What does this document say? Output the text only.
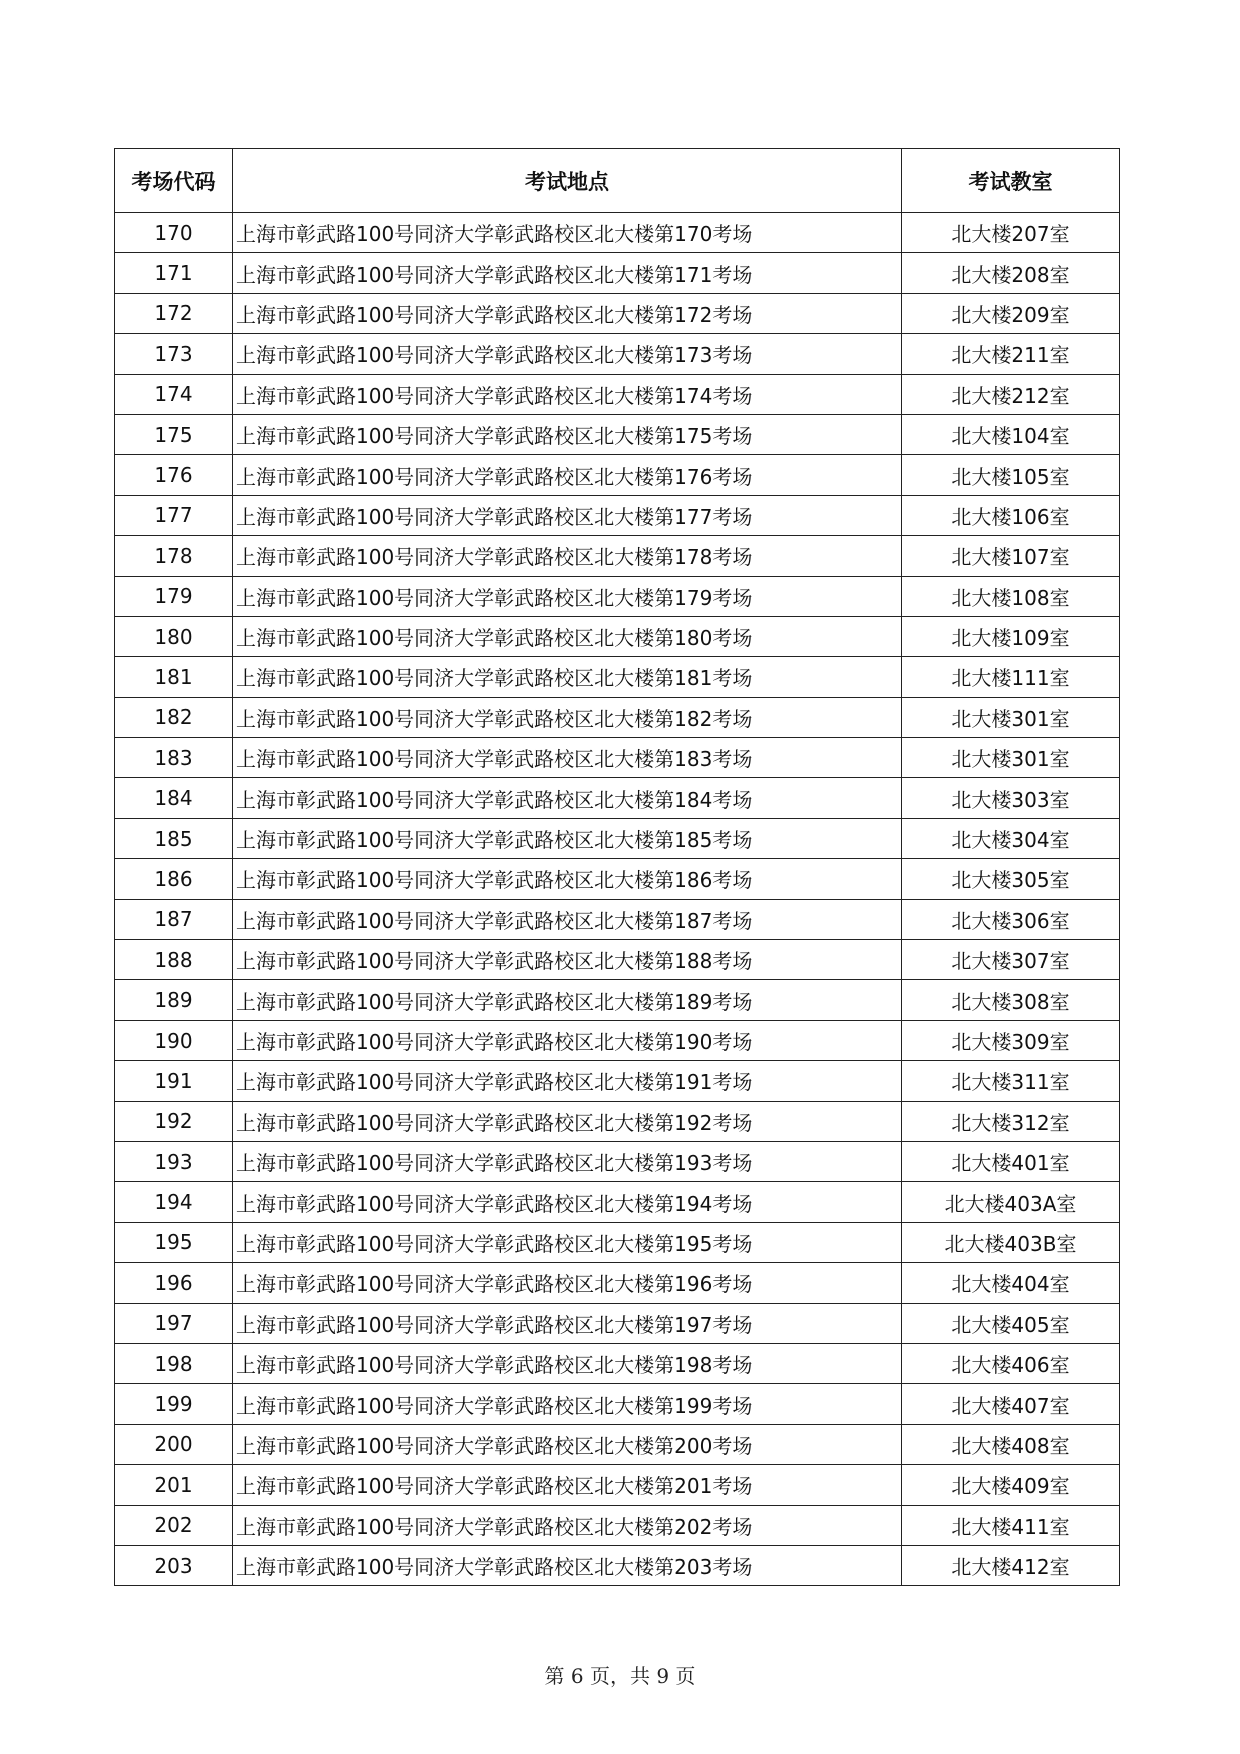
考场代码	考试地点	考试教室
170	上海市彰武路100号同济大学彰武路校区北大楼第170考场	北大楼207室
171	上海市彰武路100号同济大学彰武路校区北大楼第171考场	北大楼208室
172	上海市彰武路100号同济大学彰武路校区北大楼第172考场	北大楼209室
173	上海市彰武路100号同济大学彰武路校区北大楼第173考场	北大楼211室
174	上海市彰武路100号同济大学彰武路校区北大楼第174考场	北大楼212室
175	上海市彰武路100号同济大学彰武路校区北大楼第175考场	北大楼104室
176	上海市彰武路100号同济大学彰武路校区北大楼第176考场	北大楼105室
177	上海市彰武路100号同济大学彰武路校区北大楼第177考场	北大楼106室
178	上海市彰武路100号同济大学彰武路校区北大楼第178考场	北大楼107室
179	上海市彰武路100号同济大学彰武路校区北大楼第179考场	北大楼108室
180	上海市彰武路100号同济大学彰武路校区北大楼第180考场	北大楼109室
181	上海市彰武路100号同济大学彰武路校区北大楼第181考场	北大楼111室
182	上海市彰武路100号同济大学彰武路校区北大楼第182考场	北大楼301室
183	上海市彰武路100号同济大学彰武路校区北大楼第183考场	北大楼301室
184	上海市彰武路100号同济大学彰武路校区北大楼第184考场	北大楼303室
185	上海市彰武路100号同济大学彰武路校区北大楼第185考场	北大楼304室
186	上海市彰武路100号同济大学彰武路校区北大楼第186考场	北大楼305室
187	上海市彰武路100号同济大学彰武路校区北大楼第187考场	北大楼306室
188	上海市彰武路100号同济大学彰武路校区北大楼第188考场	北大楼307室
189	上海市彰武路100号同济大学彰武路校区北大楼第189考场	北大楼308室
190	上海市彰武路100号同济大学彰武路校区北大楼第190考场	北大楼309室
191	上海市彰武路100号同济大学彰武路校区北大楼第191考场	北大楼311室
192	上海市彰武路100号同济大学彰武路校区北大楼第192考场	北大楼312室
193	上海市彰武路100号同济大学彰武路校区北大楼第193考场	北大楼401室
194	上海市彰武路100号同济大学彰武路校区北大楼第194考场	北大楼403A室
195	上海市彰武路100号同济大学彰武路校区北大楼第195考场	北大楼403B室
196	上海市彰武路100号同济大学彰武路校区北大楼第196考场	北大楼404室
197	上海市彰武路100号同济大学彰武路校区北大楼第197考场	北大楼405室
198	上海市彰武路100号同济大学彰武路校区北大楼第198考场	北大楼406室
199	上海市彰武路100号同济大学彰武路校区北大楼第199考场	北大楼407室
200	上海市彰武路100号同济大学彰武路校区北大楼第200考场	北大楼408室
201	上海市彰武路100号同济大学彰武路校区北大楼第201考场	北大楼409室
202	上海市彰武路100号同济大学彰武路校区北大楼第202考场	北大楼411室
203	上海市彰武路100号同济大学彰武路校区北大楼第203考场	北大楼412室
第 6 页，共 9 页
